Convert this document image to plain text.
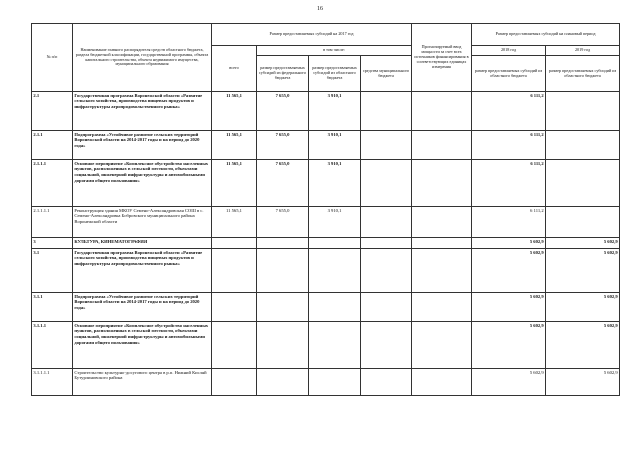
16
№ п/п	Наименование главного распорядителя средств областного бюджета, раздела бюджетной классификации, государственной программы, объекта капитального строительства, объекта недвижимого имущества, муниципального образования	Размер предоставляемых субсидий на 2017 год				Прогнозируемый ввод мощности за счет всех источников финансирования в соответствующих единицах измерения	Размер предоставляемых субсидий на плановый период	
		всего	в том числе:				2018 год	2019 год
			размер предоставляемых субсидий из федерального бюджета	размер предоставляемых субсидий из областного бюджета	средства муниципального бюджета		размер предоставляемых субсидий из областного бюджета	размер предоставляемых субсидий из областного бюджета
2.1	Государственная программа Воронежской области «Развитие сельского хозяйства, производства пищевых продуктов и инфраструктуры агропродовольственного рынка»	11 565,1	7 655,0	3 910,1			6 111,2	
2.1.1	Подпрограмма «Устойчивое развитие сельских территорий Воронежской области на 2014-2017 годы и на период до 2020 года»	11 565,1	7 655,0	3 910,1			6 111,2	
2.1.1.1	Основное мероприятие «Комплексное обустройство населенных пунктов, расположенных в сельской местности, объектами социальной, инженерной инфраструктуры и автомобильными дорогами общего пользования»	11 565,1	7 655,0	3 910,1			6 111,2	
2.1.1.1.1	Реконструкция здания МКОУ Семено-Александровская СОШ в с. Семено-Александровка Бобровского муниципального района Воронежской области	11 565,1	7 655,0	3 910,1			6 111,2	
3	КУЛЬТУРА, КИНЕМАТОГРАФИЯ						5 602,9	5 602,9
3.1	Государственная программа Воронежской области «Развитие сельского хозяйства, производства пищевых продуктов и инфраструктуры агропродовольственного рынка»						5 602,9	5 602,9
3.1.1	Подпрограмма «Устойчивое развитие сельских территорий Воронежской области на 2014-2017 годы и на период до 2020 года»						5 602,9	5 602,9
3.1.1.1	Основное мероприятие «Комплексное обустройство населенных пунктов, расположенных в сельской местности, объектами социальной, инженерной инфраструктуры и автомобильными дорогами общего пользования»						5 602,9	5 602,9
3.1.1.1.1	Строительство культурно-досугового центра в р.п. Нижний Кисляй Бутурлиновского района						5 602,9	5 602,9
